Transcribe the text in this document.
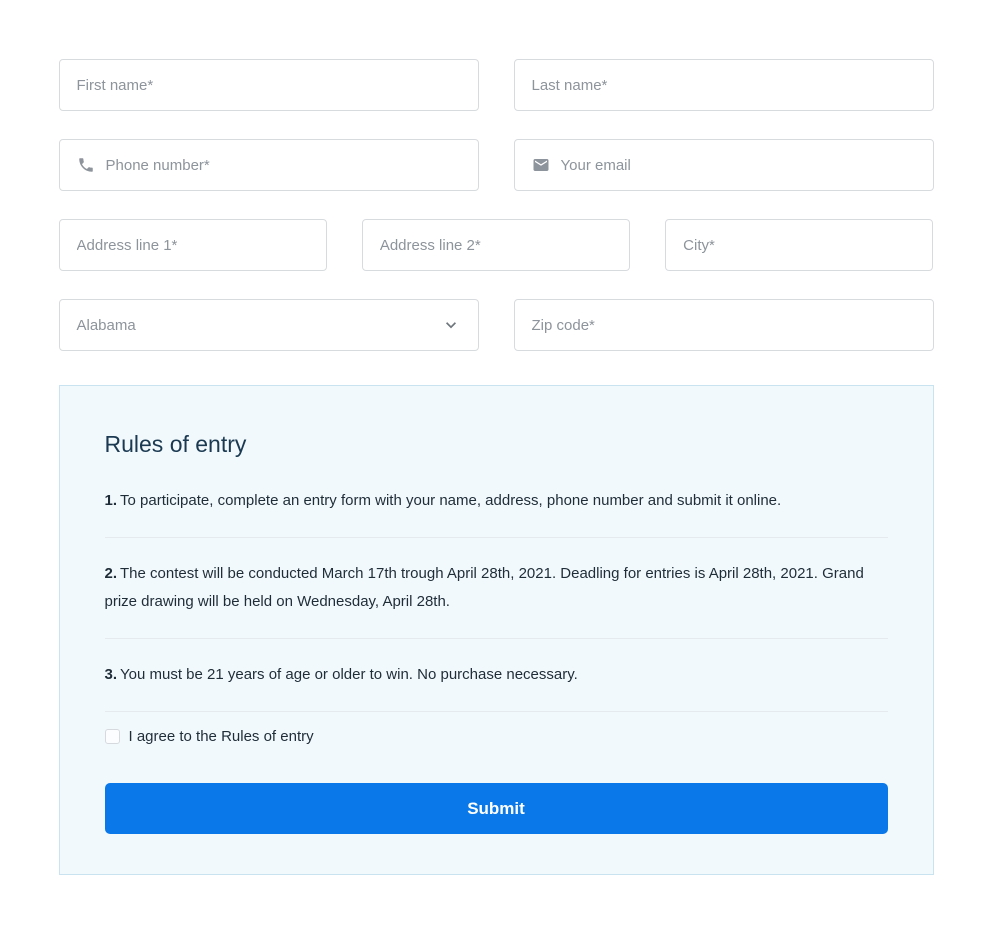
First name*
Last name*
Phone number*
Your email
Address line 1*
Address line 2*
City*
Alabama
Zip code*
Rules of entry
1. To participate, complete an entry form with your name, address, phone number and submit it online.
2. The contest will be conducted March 17th trough April 28th, 2021. Deadling for entries is April 28th, 2021. Grand prize drawing will be held on Wednesday, April 28th.
3. You must be 21 years of age or older to win. No purchase necessary.
I agree to the Rules of entry
Submit
